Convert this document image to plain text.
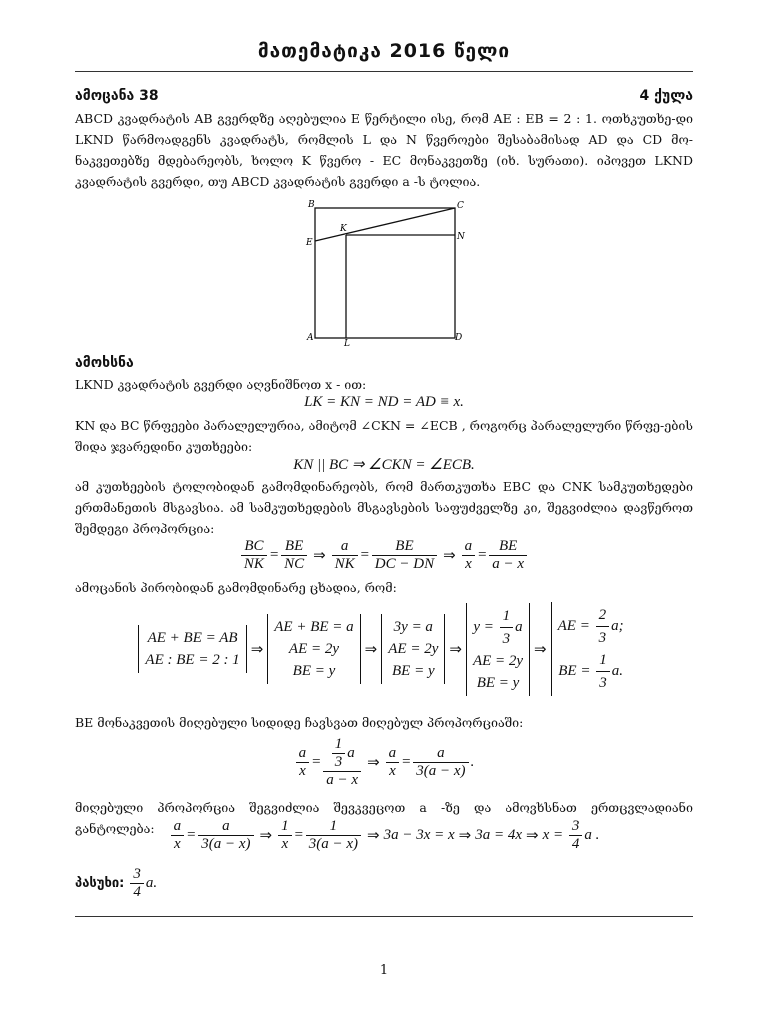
მათემატიკა 2016 წელი
ამოცანა 38	4 ქულა
ABCD კვადრატის AB გვერდზე აღებულია E წერტილი ისე, რომ AE : EB = 2 : 1. ოთხკუთხე-დი LKND წარმოადგენს კვადრატს, რომლის L და N წვეროები შესაბამისად AD და CD მო-ნაკვეთებზე მდებარეობს, ხოლო K წვერო - EC მონაკვეთზე (იხ. სურათი). იპოვეთ LKND კვადრატის გვერდი, თუ ABCD კვადრატის გვერდი a -ს ტოლია.
B	C
K
N
E
A
L
D
ამოხსნა
LKND კვადრატის გვერდი აღვნიშნოთ x - ით:
LK = KN = ND = AD ≡ x.
KN და BC წრფეები პარალელურია, ამიტომ ∠CKN = ∠ECB , როგორც პარალელური წრფე-ების შიდა ჯვარედინი კუთხეები:
KN || BC ⇒ ∠CKN = ∠ECB.
ამ კუთხეების ტოლობიდან გამომდინარეობს, რომ მართკუთხა EBC და CNK სამკუთხედები ერთმანეთის მსგავსია. ამ სამკუთხედების მსგავსების საფუძველზე კი, შეგვიძლია დავწეროთ შემდეგი პროპორცია:
$\frac{BC}{NK} = \frac{BE}{NC}$ ⇒ $\frac{a}{NK} = \frac{BE}{DC - DN}$ ⇒ $\frac{a}{x} = \frac{BE}{a - x}$
ამოცანის პირობიდან გამომდინარე ცხადია, რომ:
AE + BE = AB
AE : BE = 2 : 1⇒AE + BE = a
AE = 2y
BE = y⇒3y = a
AE = 2y
BE = y⇒y = $\frac{1}{3}$ a
AE = 2y
BE = y⇒AE = $\frac{2}{3} a$;
BE = $\frac{1}{3} a$.
BE მონაკვეთის მიღებული სიდიდე ჩავსვათ მიღებულ პროპორციაში:
$\frac{a}{x} = \frac{\frac{1}{3} a}{a - x}$ ⇒ $\frac{a}{x} = \frac{a}{3(a - x)}$ .
მიღებული პროპორცია შეგვიძლია შევკვეცოთ a -ზე და ამოვხსნათ ერთცვლადიანი განტოლება:	$\frac{a}{x} = \frac{a}{3(a - x)}$ ⇒ $\frac{1}{x} = \frac{1}{3(a - x)}$ ⇒ 3a − 3x = x ⇒ 3a = 4x ⇒ $x = \frac{3}{4}$ a .
პასუხი: $\frac{3}{4} a$.
1
